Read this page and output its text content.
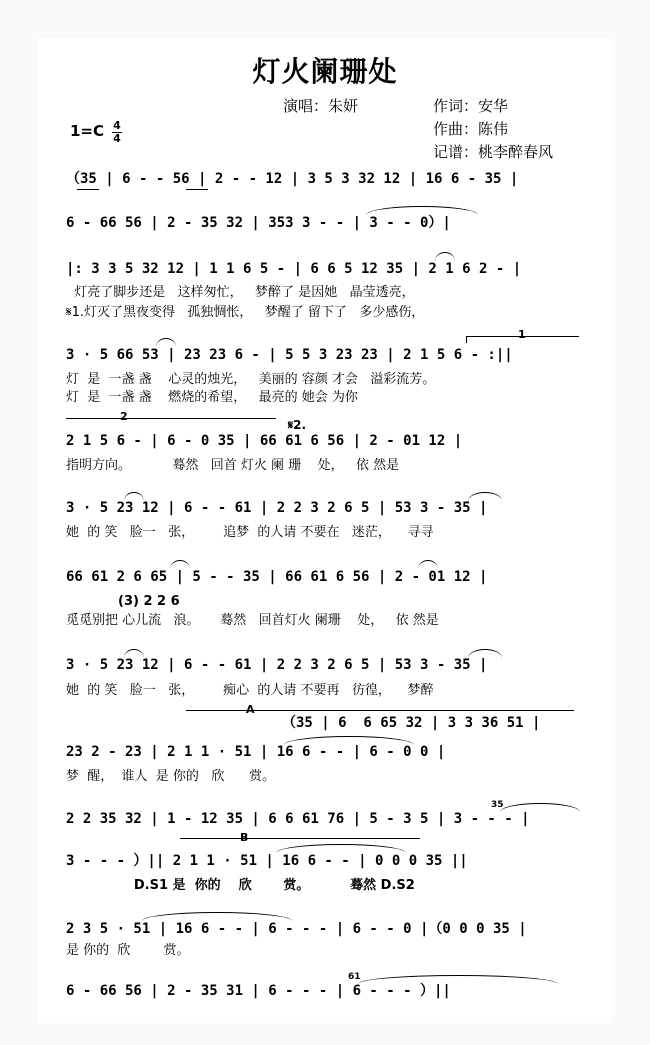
灯火阑珊处
演唱：朱妍	作词：安华
作曲：陈伟
记谱：桃李醉春风
1=C 4
4
（35 | 6 - - 56 | 2 - - 12 | 3 5 3 32 12 | 16 6 - 35 |
6 - 66 56 | 2 - 35 32 | 353 3 - - | 3 - - 0）|
|: 3 3 5 32 12 | 1 1 6 5 - | 6 6 5 12 35 | 2 1 6 2 - |
灯亮了脚步还是   这样匆忙，   梦醉了 是因她   晶莹透亮，
𝄋1.灯灭了黑夜变得   孤独惆怅，   梦醒了 留下了   多少感伤，
1
3 · 5 66 53 | 23 23 6 - | 5 5 3 23 23 | 2 1 5 6 - :||
灯  是  一盏 盏    心灵的烛光，   美丽的 容颜 才会   溢彩流芳。
灯  是  一盏 盏    燃烧的希望，   最亮的 她会 为你
2
𝄋2.
2 1 5 6 - | 6 - 0 35 | 66 61 6 56 | 2 - 01 12 |
指明方向。          蓦然   回首 灯火 阑 珊    处，   依 然是
3 · 5 23 12 | 6 - - 61 | 2 2 3 2 6 5 | 53 3 - 35 |
她  的 笑   脸一   张，       追梦  的人请 不要在   迷茫，    寻寻
66 61 2 6 65 | 5 - - 35 | 66 61 6 56 | 2 - 01 12 |
(3) 2 2 6
觅觅别把 心儿流   浪。     蓦然   回首灯火 阑珊    处，   依 然是
3 · 5 23 12 | 6 - - 61 | 2 2 3 2 6 5 | 53 3 - 35 |
她  的 笑   脸一   张，       痴心  的人请 不要再   彷徨，    梦醉
A
（35 | 6  6 65 32 | 3 3 36 51 |
23 2 - 23 | 2 1 1 · 51 | 16 6 - - | 6 - 0 0 |
梦  醒，  谁人  是 你的   欣      赏。
35
2 2 35 32 | 1 - 12 35 | 6 6 61 76 | 5 - 3 5 | 3 - - - |
B
3 - - - ）|| 2 1 1 · 51 | 16 6 - - | 0 0 0 35 ||
D.S1 是  你的    欣       赏。         蓦然 D.S2
2 3 5 · 51 | 16 6 - - | 6 - - - | 6 - - 0 |（0 0 0 35 |
是 你的  欣        赏。
61
6 - 66 56 | 2 - 35 31 | 6 - - - | 6 - - - ）||
